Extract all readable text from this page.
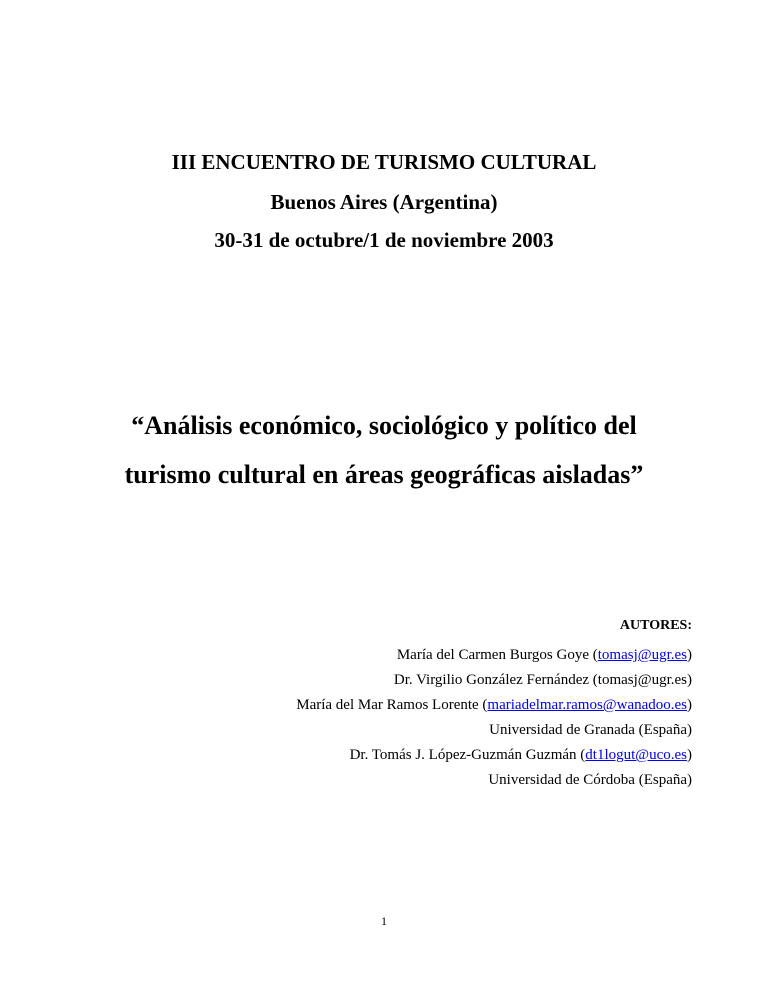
III ENCUENTRO DE TURISMO CULTURAL
Buenos Aires (Argentina)
30-31 de octubre/1 de noviembre 2003
“Análisis económico, sociológico y político del
turismo cultural en áreas geográficas aisladas”
AUTORES:
María del Carmen Burgos Goye (tomasj@ugr.es)
Dr. Virgilio González Fernández (tomasj@ugr.es)
María del Mar Ramos Lorente (mariadelmar.ramos@wanadoo.es)
Universidad de Granada (España)
Dr. Tomás J. López-Guzmán Guzmán (dt1logut@uco.es)
Universidad de Córdoba (España)
1
